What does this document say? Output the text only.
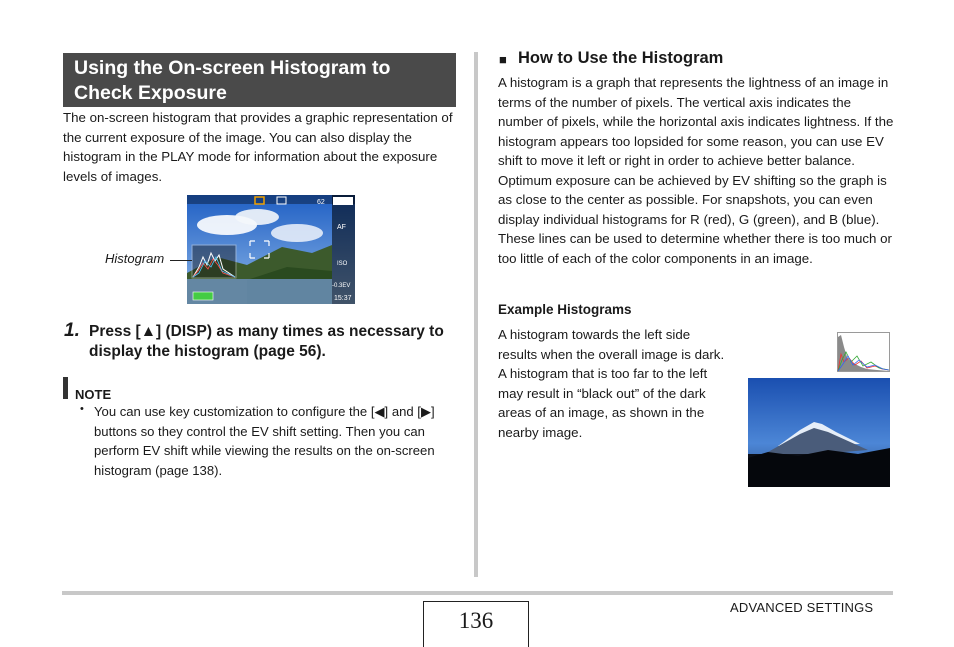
Using the On-screen Histogram to Check Exposure
The on-screen histogram that provides a graphic representation of the current exposure of the image. You can also display the histogram in the PLAY mode for information about the exposure levels of images.
62
AF
ISO
-0.3EV
15:37
Histogram
1. Press [▲] (DISP) as many times as necessary to display the histogram (page 56).
NOTE
• You can use key customization to configure the [◀] and [▶] buttons so they control the EV shift setting. Then you can perform EV shift while viewing the results on the on-screen histogram (page 138).
■ How to Use the Histogram
A histogram is a graph that represents the lightness of an image in terms of the number of pixels. The vertical axis indicates the number of pixels, while the horizontal axis indicates lightness. If the histogram appears too lopsided for some reason, you can use EV shift to move it left or right in order to achieve better balance. Optimum exposure can be achieved by EV shifting so the graph is as close to the center as possible. For snapshots, you can even display individual histograms for R (red), G (green), and B (blue). These lines can be used to determine whether there is too much or too little of each of the color components in an image.
Example Histograms
A histogram towards the left side results when the overall image is dark. A histogram that is too far to the left may result in “black out” of the dark areas of an image, as shown in the nearby image.
136
ADVANCED SETTINGS
